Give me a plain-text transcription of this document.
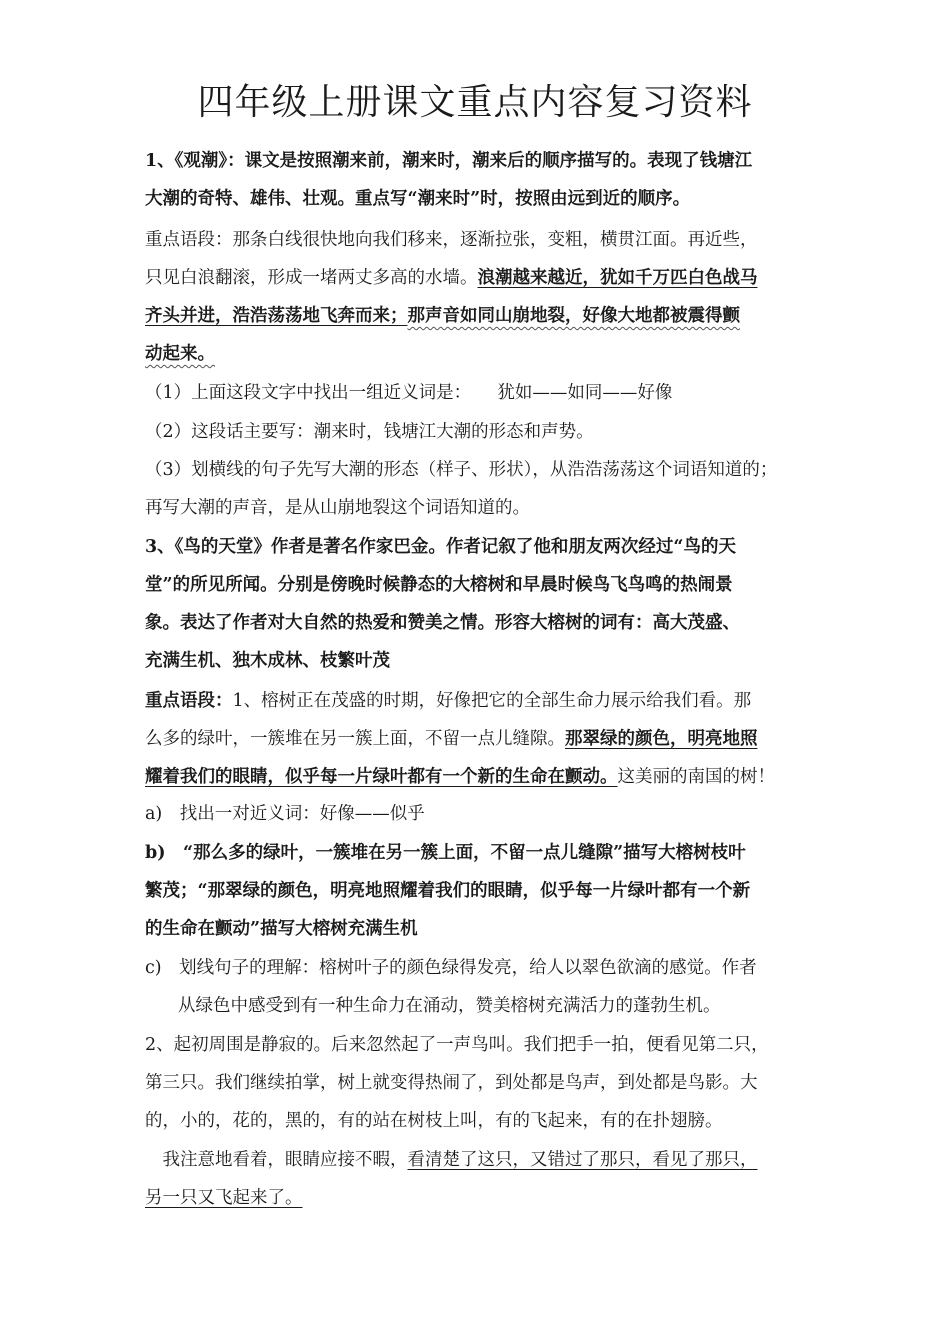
四年级上册课文重点内容复习资料
1、《观潮》：课文是按照潮来前，潮来时，潮来后的顺序描写的。表现了钱塘江
大潮的奇特、雄伟、壮观。重点写“潮来时”时，按照由远到近的顺序。
重点语段：那条白线很快地向我们移来，逐渐拉张，变粗，横贯江面。再近些，
只见白浪翻滚，形成一堵两丈多高的水墙。浪潮越来越近，犹如千万匹白色战马
齐头并进，浩浩荡荡地飞奔而来；那声音如同山崩地裂，好像大地都被震得颤
动起来。
（1）上面这段文字中找出一组近义词是：　　犹如——如同——好像
（2）这段话主要写：潮来时，钱塘江大潮的形态和声势。
（3）划横线的句子先写大潮的形态（样子、形状），从浩浩荡荡这个词语知道的；
再写大潮的声音，是从山崩地裂这个词语知道的。
3、《鸟的天堂》作者是著名作家巴金。作者记叙了他和朋友两次经过“鸟的天
堂”的所见所闻。分别是傍晚时候静态的大榕树和早晨时候鸟飞鸟鸣的热闹景
象。表达了作者对大自然的热爱和赞美之情。形容大榕树的词有：高大茂盛、
充满生机、独木成林、枝繁叶茂
重点语段：1、榕树正在茂盛的时期，好像把它的全部生命力展示给我们看。那
么多的绿叶，一簇堆在另一簇上面，不留一点儿缝隙。那翠绿的颜色，明亮地照
耀着我们的眼睛，似乎每一片绿叶都有一个新的生命在颤动。这美丽的南国的树！
a)　找出一对近义词：好像——似乎
b)　“那么多的绿叶，一簇堆在另一簇上面，不留一点儿缝隙”描写大榕树枝叶
繁茂；“那翠绿的颜色，明亮地照耀着我们的眼睛，似乎每一片绿叶都有一个新
的生命在颤动”描写大榕树充满生机
c)　划线句子的理解：榕树叶子的颜色绿得发亮，给人以翠色欲滴的感觉。作者
从绿色中感受到有一种生命力在涌动，赞美榕树充满活力的蓬勃生机。
2、起初周围是静寂的。后来忽然起了一声鸟叫。我们把手一拍，便看见第二只，
第三只。我们继续拍掌，树上就变得热闹了，到处都是鸟声，到处都是鸟影。大
的，小的，花的，黑的，有的站在树枝上叫，有的飞起来，有的在扑翅膀。
　我注意地看着，眼睛应接不暇，看清楚了这只，又错过了那只，看见了那只，
另一只又飞起来了。
